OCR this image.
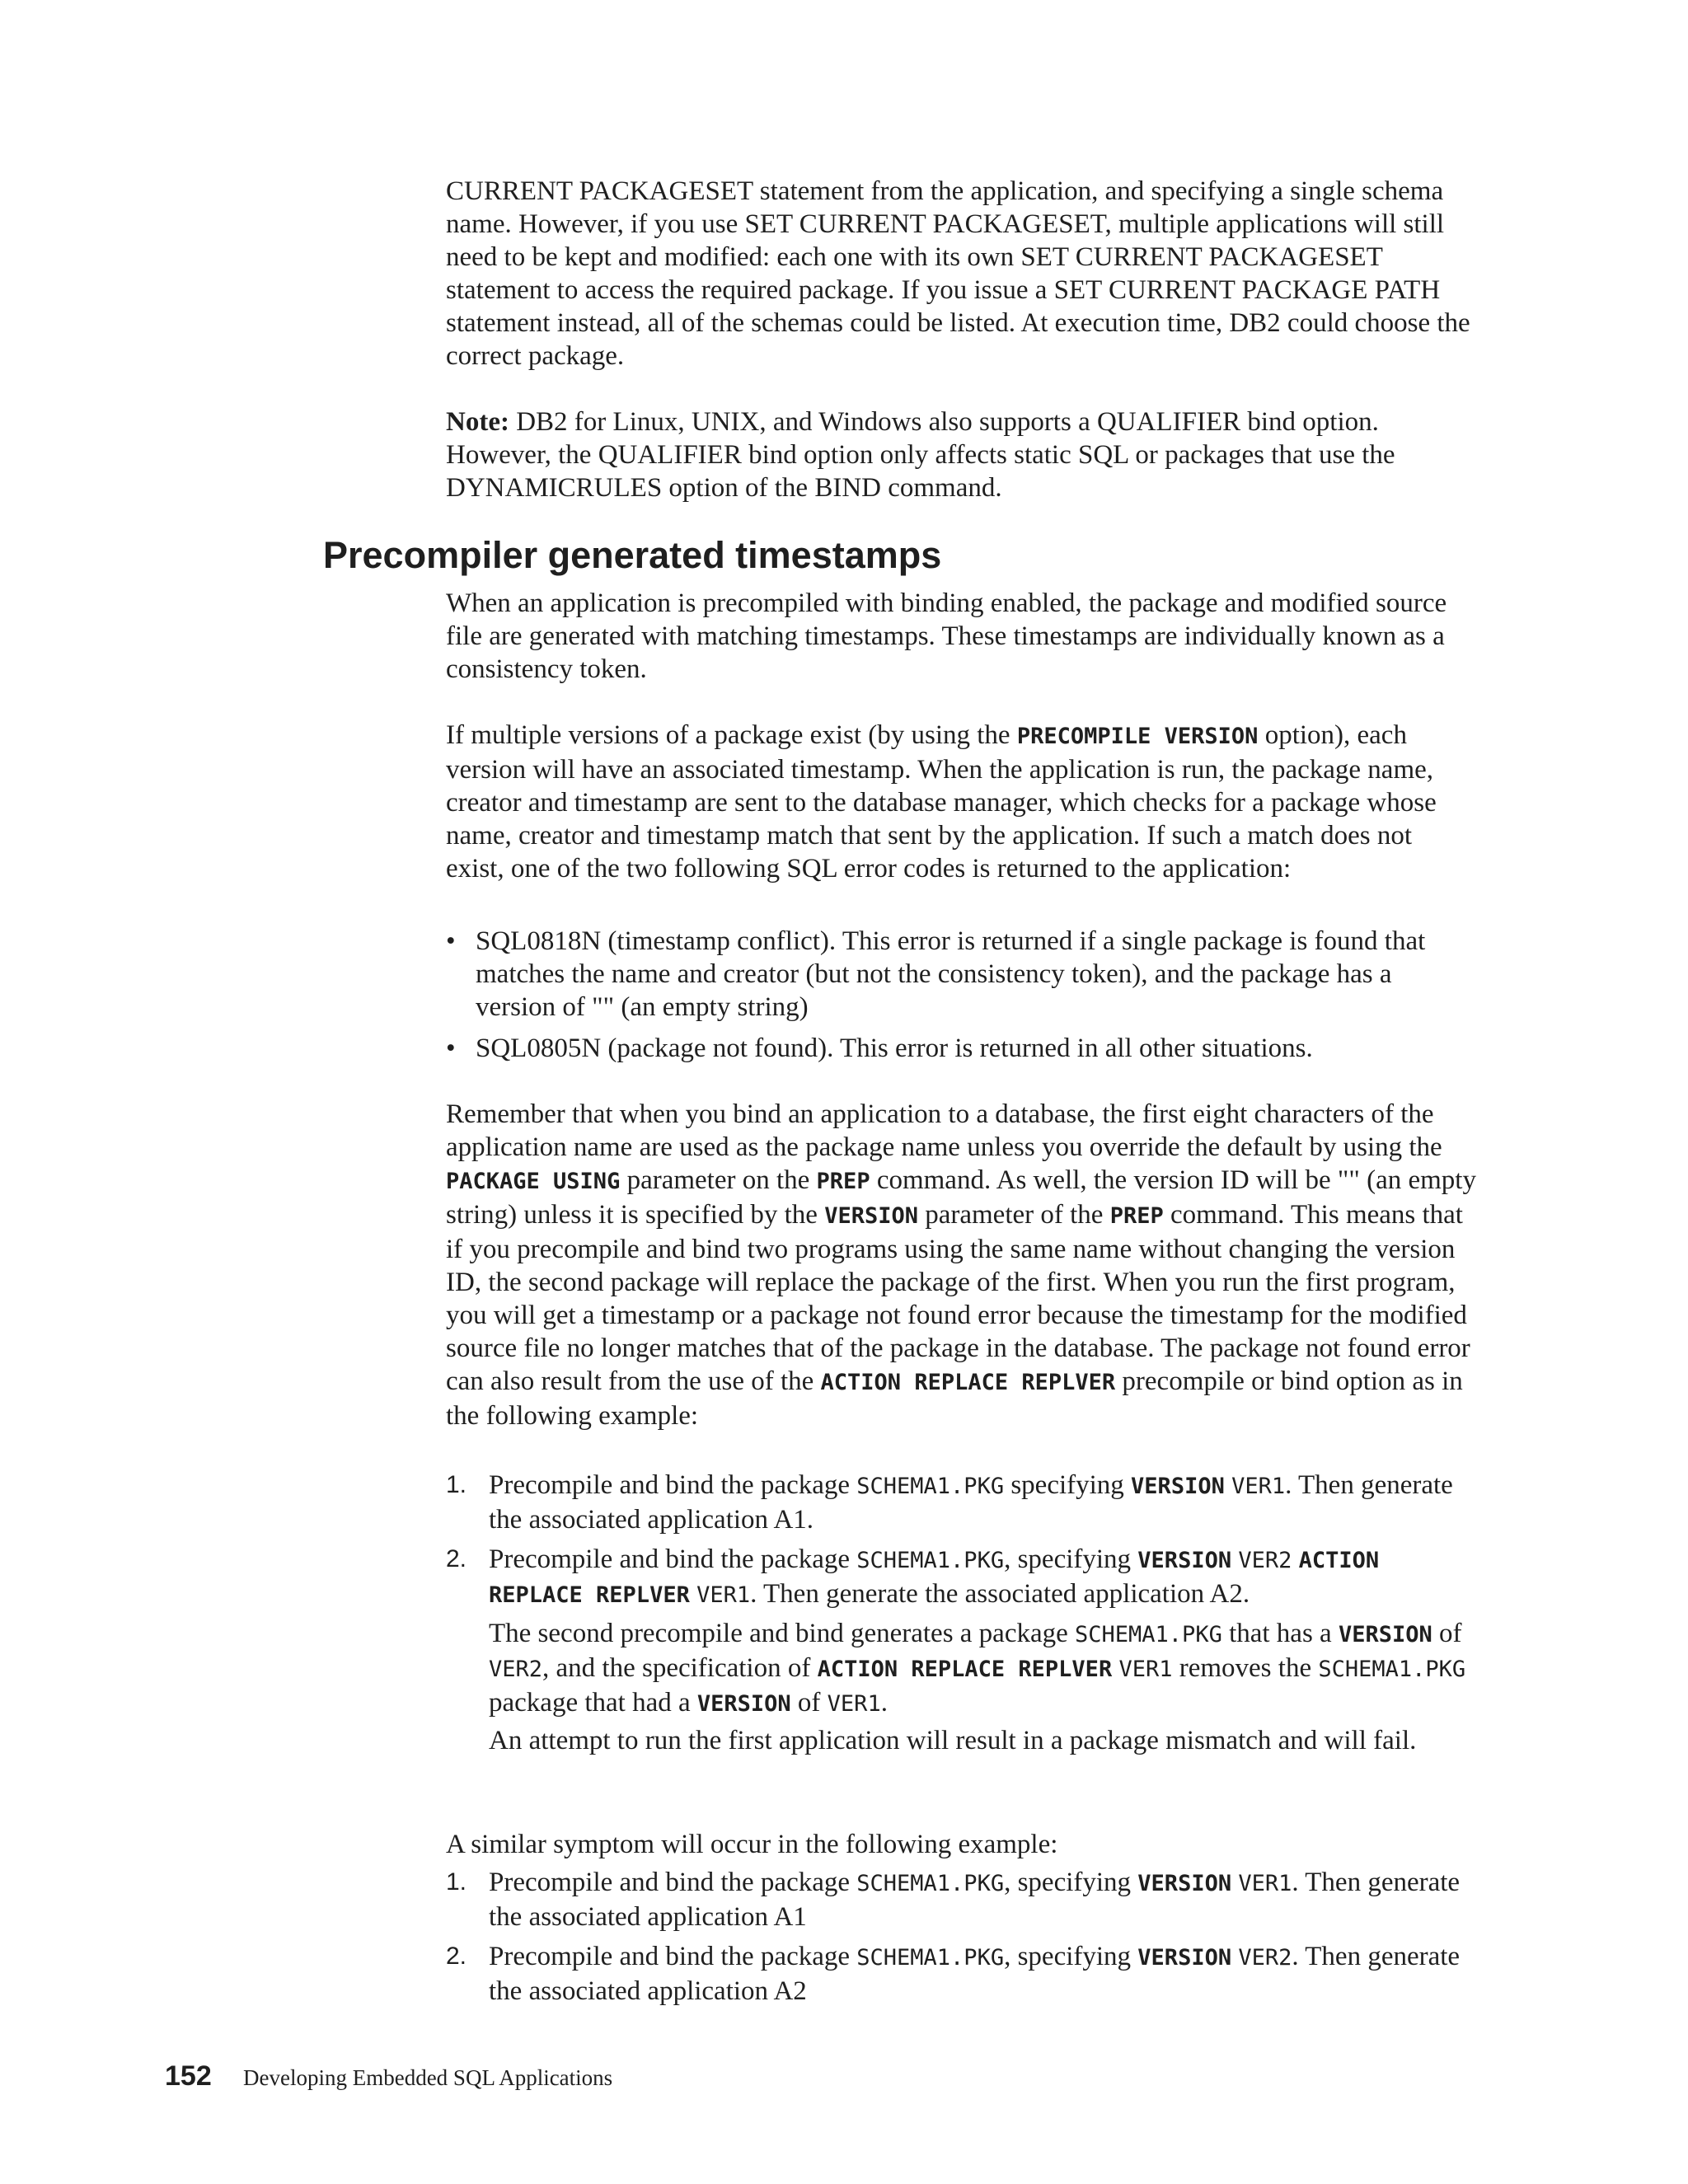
CURRENT PACKAGESET statement from the application, and specifying a single schema name. However, if you use SET CURRENT PACKAGESET, multiple applications will still need to be kept and modified: each one with its own SET CURRENT PACKAGESET statement to access the required package. If you issue a SET CURRENT PACKAGE PATH statement instead, all of the schemas could be listed. At execution time, DB2 could choose the correct package.

Note: DB2 for Linux, UNIX, and Windows also supports a QUALIFIER bind option. However, the QUALIFIER bind option only affects static SQL or packages that use the DYNAMICRULES option of the BIND command.

Precompiler generated timestamps

When an application is precompiled with binding enabled, the package and modified source file are generated with matching timestamps. These timestamps are individually known as a consistency token.

If multiple versions of a package exist (by using the PRECOMPILE VERSION option), each version will have an associated timestamp. When the application is run, the package name, creator and timestamp are sent to the database manager, which checks for a package whose name, creator and timestamp match that sent by the application. If such a match does not exist, one of the two following SQL error codes is returned to the application:

• SQL0818N (timestamp conflict). This error is returned if a single package is found that matches the name and creator (but not the consistency token), and the package has a version of "" (an empty string)

• SQL0805N (package not found). This error is returned in all other situations.

Remember that when you bind an application to a database, the first eight characters of the application name are used as the package name unless you override the default by using the PACKAGE USING parameter on the PREP command. As well, the version ID will be "" (an empty string) unless it is specified by the VERSION parameter of the PREP command. This means that if you precompile and bind two programs using the same name without changing the version ID, the second package will replace the package of the first. When you run the first program, you will get a timestamp or a package not found error because the timestamp for the modified source file no longer matches that of the package in the database. The package not found error can also result from the use of the ACTION REPLACE REPLVER precompile or bind option as in the following example:

1. Precompile and bind the package SCHEMA1.PKG specifying VERSION VER1. Then generate the associated application A1.

2. Precompile and bind the package SCHEMA1.PKG, specifying VERSION VER2 ACTION REPLACE REPLVER VER1. Then generate the associated application A2.

The second precompile and bind generates a package SCHEMA1.PKG that has a VERSION of VER2, and the specification of ACTION REPLACE REPLVER VER1 removes the SCHEMA1.PKG package that had a VERSION of VER1.

An attempt to run the first application will result in a package mismatch and will fail.

A similar symptom will occur in the following example:

1. Precompile and bind the package SCHEMA1.PKG, specifying VERSION VER1. Then generate the associated application A1

2. Precompile and bind the package SCHEMA1.PKG, specifying VERSION VER2. Then generate the associated application A2

152 Developing Embedded SQL Applications
